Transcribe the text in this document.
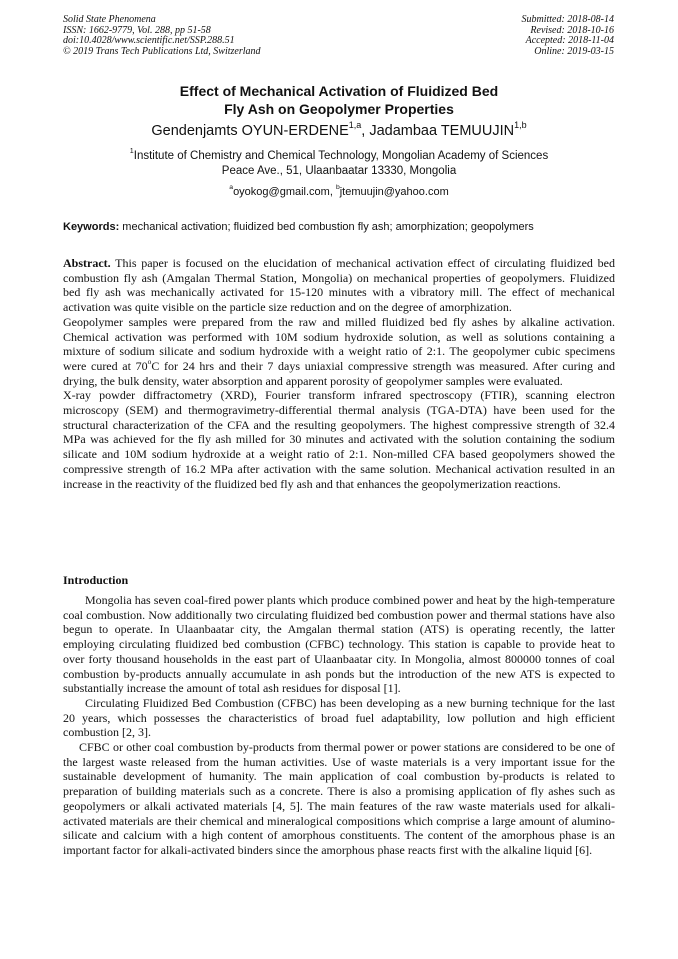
Solid State Phenomena
ISSN: 1662-9779, Vol. 288, pp 51-58
doi:10.4028/www.scientific.net/SSP.288.51
© 2019 Trans Tech Publications Ltd, Switzerland
Submitted: 2018-08-14
Revised: 2018-10-16
Accepted: 2018-11-04
Online: 2019-03-15
Effect of Mechanical Activation of Fluidized Bed
Fly Ash on Geopolymer Properties
Gendenjamts OYUN-ERDENE$^{1,a}$, Jadambaa TEMUUJIN$^{1,b}$
$^1$Institute of Chemistry and Chemical Technology, Mongolian Academy of Sciences
Peace Ave., 51, Ulaanbaatar 13330, Mongolia
$^a$oyokog@gmail.com, $^b$jtemuujin@yahoo.com
Keywords: mechanical activation; fluidized bed combustion fly ash; amorphization; geopolymers

Abstract. This paper is focused on the elucidation of mechanical activation effect of circulating fluidized bed combustion fly ash (Amgalan Thermal Station, Mongolia) on mechanical properties of geopolymers. Fluidized bed fly ash was mechanically activated for 15-120 minutes with a vibratory mill. The effect of mechanical activation was quite visible on the particle size reduction and on the degree of amorphization.

Geopolymer samples were prepared from the raw and milled fluidized bed fly ashes by alkaline activation. Chemical activation was performed with 10M sodium hydroxide solution, as well as solutions containing a mixture of sodium silicate and sodium hydroxide with a weight ratio of 2:1. The geopolymer cubic specimens were cured at 70$^o$C for 24 hrs and their 7 days uniaxial compressive strength was measured. After curing and drying, the bulk density, water absorption and apparent porosity of geopolymer samples were evaluated.

X-ray powder diffractometry (XRD), Fourier transform infrared spectroscopy (FTIR), scanning electron microscopy (SEM) and thermogravimetry-differential thermal analysis (TGA-DTA) have been used for the structural characterization of the CFA and the resulting geopolymers. The highest compressive strength of 32.4 MPa was achieved for the fly ash milled for 30 minutes and activated with the solution containing the sodium silicate and 10M sodium hydroxide at a weight ratio of 2:1. Non-milled CFA based geopolymers showed the compressive strength of 16.2 MPa after activation with the same solution. Mechanical activation resulted in an increase in the reactivity of the fluidized bed fly ash and that enhances the geopolymerization reactions.

Introduction

Mongolia has seven coal-fired power plants which produce combined power and heat by the high-temperature coal combustion. Now additionally two circulating fluidized bed combustion power and thermal stations have also begun to operate. In Ulaanbaatar city, the Amgalan thermal station (ATS) is operating recently, the latter employing circulating fluidized bed combustion (CFBC) technology. This station is capable to provide heat to over forty thousand households in the east part of Ulaanbaatar city. In Mongolia, almost 800000 tonnes of coal combustion by-products annually accumulate in ash ponds but the introduction of the new ATS is expected to substantially increase the amount of total ash residues for disposal [1].

Circulating Fluidized Bed Combustion (CFBC) has been developing as a new burning technique for the last 20 years, which possesses the characteristics of broad fuel adaptability, low pollution and high efficient combustion [2, 3].

CFBC or other coal combustion by-products from thermal power or power stations are considered to be one of the largest waste released from the human activities. Use of waste materials is a very important issue for the sustainable development of humanity. The main application of coal combustion by-products is related to preparation of building materials such as a concrete. There is also a promising application of fly ashes such as geopolymers or alkali activated materials [4, 5]. The main features of the raw waste materials used for alkali-activated materials are their chemical and mineralogical compositions which comprise a large amount of alumino-silicate and calcium with a high content of amorphous constituents. The content of the amorphous phase is an important factor for alkali-activated binders since the amorphous phase reacts first with the alkaline liquid [6].
